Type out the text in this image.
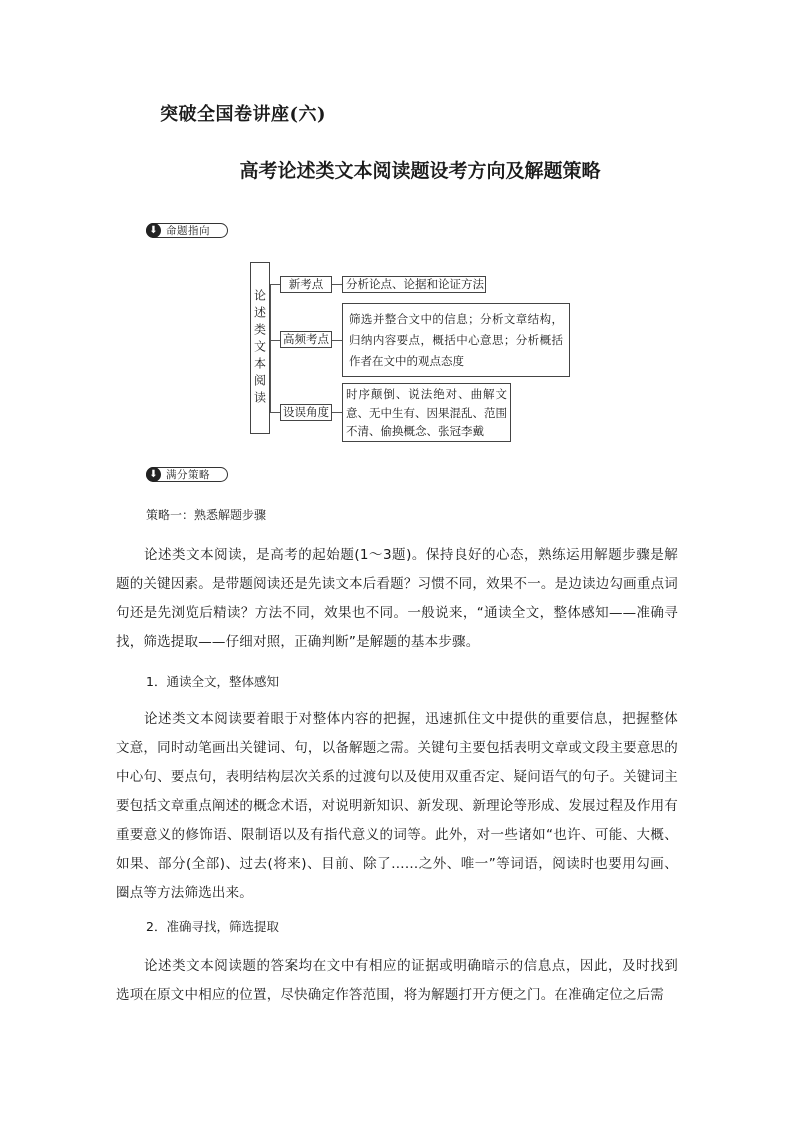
突破全国卷讲座(六)
高考论述类文本阅读题设考方向及解题策略
⬇ 命题指向
论述类文本阅读
新考点	分析论点、论据和论证方法
高频考点
筛选并整合文中的信息；分析文章结构，归纳内容要点，概括中心意思；分析概括作者在文中的观点态度
设误角度
时序颠倒、说法绝对、曲解文意、无中生有、因果混乱、范围不清、偷换概念、张冠李戴
⬇ 满分策略
策略一：熟悉解题步骤

论述类文本阅读，是高考的起始题(1～3题)。保持良好的心态，熟练运用解题步骤是解题的关键因素。是带题阅读还是先读文本后看题？习惯不同，效果不一。是边读边勾画重点词句还是先浏览后精读？方法不同，效果也不同。一般说来，“通读全文，整体感知——准确寻找，筛选提取——仔细对照，正确判断”是解题的基本步骤。

1．通读全文，整体感知

论述类文本阅读要着眼于对整体内容的把握，迅速抓住文中提供的重要信息，把握整体文意，同时动笔画出关键词、句，以备解题之需。关键句主要包括表明文章或文段主要意思的中心句、要点句，表明结构层次关系的过渡句以及使用双重否定、疑问语气的句子。关键词主要包括文章重点阐述的概念术语，对说明新知识、新发现、新理论等形成、发展过程及作用有重要意义的修饰语、限制语以及有指代意义的词等。此外，对一些诸如“也许、可能、大概、如果、部分(全部)、过去(将来)、目前、除了……之外、唯一”等词语，阅读时也要用勾画、圈点等方法筛选出来。

2．准确寻找，筛选提取

论述类文本阅读题的答案均在文中有相应的证据或明确暗示的信息点，因此，及时找到选项在原文中相应的位置，尽快确定作答范围，将为解题打开方便之门。在准确定位之后需
